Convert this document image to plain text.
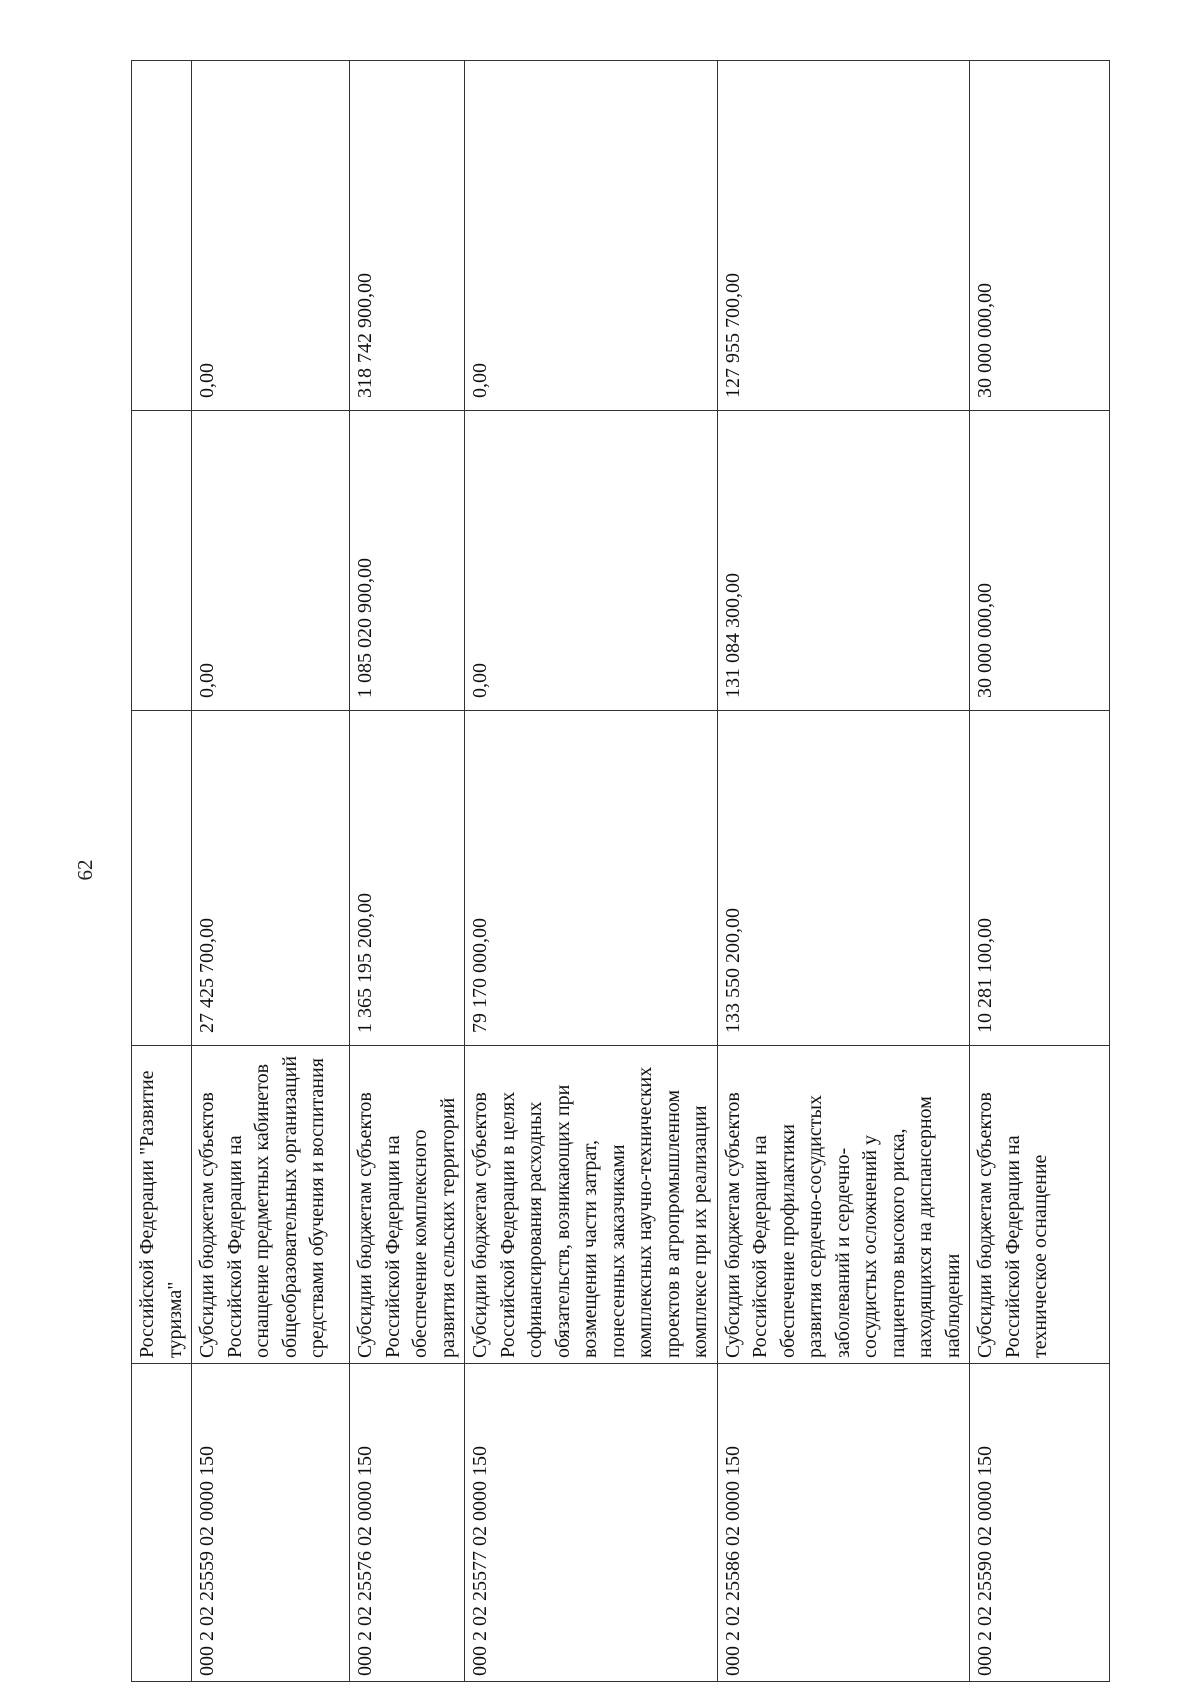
62
	Российской Федерации "Развитие туризма"			
000 2 02 25559 02 0000 150	Субсидии бюджетам субъектов Российской Федерации на оснащение предметных кабинетов общеобразовательных организаций средствами обучения и воспитания	27 425 700,00	0,00	0,00
000 2 02 25576 02 0000 150	Субсидии бюджетам субъектов Российской Федерации на обеспечение комплексного развития сельских территорий	1 365 195 200,00	1 085 020 900,00	318 742 900,00
000 2 02 25577 02 0000 150	Субсидии бюджетам субъектов Российской Федерации в целях софинансирования расходных обязательств, возникающих при возмещении части затрат, понесенных заказчиками комплексных научно-технических проектов в агропромышленном комплексе при их реализации	79 170 000,00	0,00	0,00
000 2 02 25586 02 0000 150	Субсидии бюджетам субъектов Российской Федерации на обеспечение профилактики развития сердечно-сосудистых заболеваний и сердечно-сосудистых осложнений у пациентов высокого риска, находящихся на диспансерном наблюдении	133 550 200,00	131 084 300,00	127 955 700,00
000 2 02 25590 02 0000 150	Субсидии бюджетам субъектов Российской Федерации на техническое оснащение	10 281 100,00	30 000 000,00	30 000 000,00
